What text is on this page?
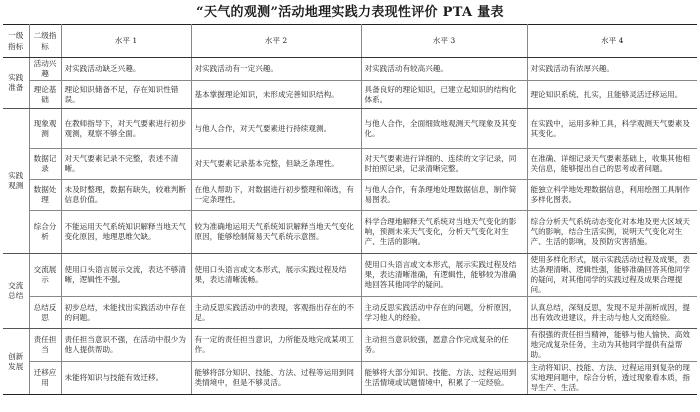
“天气的观测”活动地理实践力表现性评价 PTA 量表
一级指标	二级指标	水平 1	水平 2	水平 3	水平 4
实践准备	活动兴趣	对实践活动缺乏兴趣。	对实践活动有一定兴趣。	对实践活动有较高兴趣。	对实践活动有浓厚兴趣。
	理论基础	理论知识储备不足，存在知识性错误。	基本掌握理论知识，未形成完善知识结构。	具备良好的理论知识，已建立起知识的结构化体系。	理论知识系统、扎实，且能够灵活迁移运用。
实践观测	现象观测	在教师指导下，对天气要素进行初步观测，观察不够全面。	与他人合作，对天气要素进行持续观测。	与他人合作，全面细致地观测天气现象及其变化。	在实践中，运用多种工具，科学观测天气要素及其变化。
	数据记录	对天气要素记录不完整，表述不清晰。	对天气要素记录基本完整，但缺乏条理性。	对天气要素进行详细的、连续的文字记录，同时拍照记录，记录清晰完整。	在准确、详细记录天气要素基础上，收集其他相关信息，能够提出自己的思考或者问题。
	数据处理	未及时整理，数据有缺失，较难判断信息价值。	在他人帮助下，对数据进行初步整理和筛选，有一定条理性。	与他人合作，有条理地处理数据信息，制作简易图表。	能独立科学地处理数据信息，利用绘图工具制作多样化图表。
	综合分析	不能运用天气系统知识解释当地天气变化原因，地理思维欠缺。	较为准确地运用天气系统知识解释当地天气变化原因，能够绘制简易天气系统示意图。	科学合理地解释天气系统对当地天气变化的影响，预测未来天气变化，分析天气变化对生产、生活的影响。	综合分析天气系统动态变化对本地及更大区域天气的影响，结合生活实例，说明天气变化对生产、生活的影响，及预防灾害措施。
交流总结	交流展示	使用口头语言展示交流，表达不够清晰，逻辑性不强。	使用口头语言或文本形式，展示实践过程及结果，表达清晰流畅。	使用口头语言或文本形式，展示实践过程及结果，表达清晰准确，有逻辑性，能够较为准确地回答其他同学的疑问。	使用多样化形式，展示实践活动过程及成果，表达条理清晰、逻辑性强，能够准确回答其他同学的疑问，对其他同学的实践过程及成果合理提问。
	总结反思	初步总结，未能找出实践活动中存在的问题。	主动反思实践活动中的表现，客观指出存在的不足。	主动反思实践活动中存在的问题，分析原因，学习他人的经验。	认真总结，深刻反思，发现不足并剖析成因，提出有效改进建议，并主动与他人交流经验。
创新发展	责任担当	责任担当意识不强，在活动中很少为他人提供帮助。	有一定的责任担当意识，力所能及地完成某项工作。	主动担当意识较强，愿意合作完成复杂的任务。	有很强的责任担当精神，能够与他人愉快、高效地完成复杂任务，主动为其他同学提供有益帮助。
	迁移应用	未能将知识与技能有效迁移。	能够将部分知识、技能、方法、过程等运用到同类情境中，但是不够灵活。	能够将大部分知识、技能、方法、过程运用到生活情境或试题情境中，积累了一定经验。	主动将知识、技能、方法、过程运用到复杂的现实地理问题中，综合分析，透过现象看本质，指导生产、生活。
